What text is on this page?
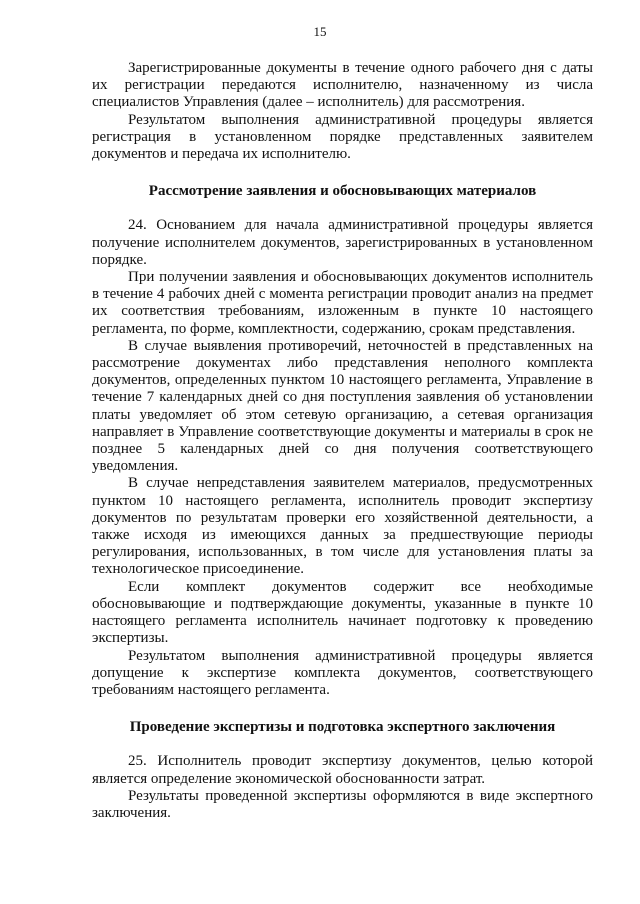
15

Зарегистрированные документы в течение одного рабочего дня с даты их регистрации передаются исполнителю, назначенному из числа специалистов Управления (далее – исполнитель) для рассмотрения.

Результатом выполнения административной процедуры является регистрация в установленном порядке представленных заявителем документов и передача их исполнителю.

Рассмотрение заявления и обосновывающих материалов

24. Основанием для начала административной процедуры является получение исполнителем документов, зарегистрированных в установленном порядке.

При получении заявления и обосновывающих документов исполнитель в течение 4 рабочих дней с момента регистрации проводит анализ на предмет их соответствия требованиям, изложенным в пункте 10 настоящего регламента, по форме, комплектности, содержанию, срокам представления.

В случае выявления противоречий, неточностей в представленных на рассмотрение документах либо представления неполного комплекта документов, определенных пунктом 10 настоящего регламента, Управление в течение 7 календарных дней со дня поступления заявления об установлении платы уведомляет об этом сетевую организацию, а сетевая организация направляет в Управление соответствующие документы и материалы в срок не позднее 5 календарных дней со дня получения соответствующего уведомления.

В случае непредставления заявителем материалов, предусмотренных пунктом 10 настоящего регламента, исполнитель проводит экспертизу документов по результатам проверки его хозяйственной деятельности, а также исходя из имеющихся данных за предшествующие периоды регулирования, использованных, в том числе для установления платы за технологическое присоединение.

Если комплект документов содержит все необходимые обосновывающие и подтверждающие документы, указанные в пункте 10 настоящего регламента исполнитель начинает подготовку к проведению экспертизы.

Результатом выполнения административной процедуры является допущение к экспертизе комплекта документов, соответствующего требованиям настоящего регламента.

Проведение экспертизы и подготовка экспертного заключения

25. Исполнитель проводит экспертизу документов, целью которой является определение экономической обоснованности затрат.

Результаты проведенной экспертизы оформляются в виде экспертного заключения.
